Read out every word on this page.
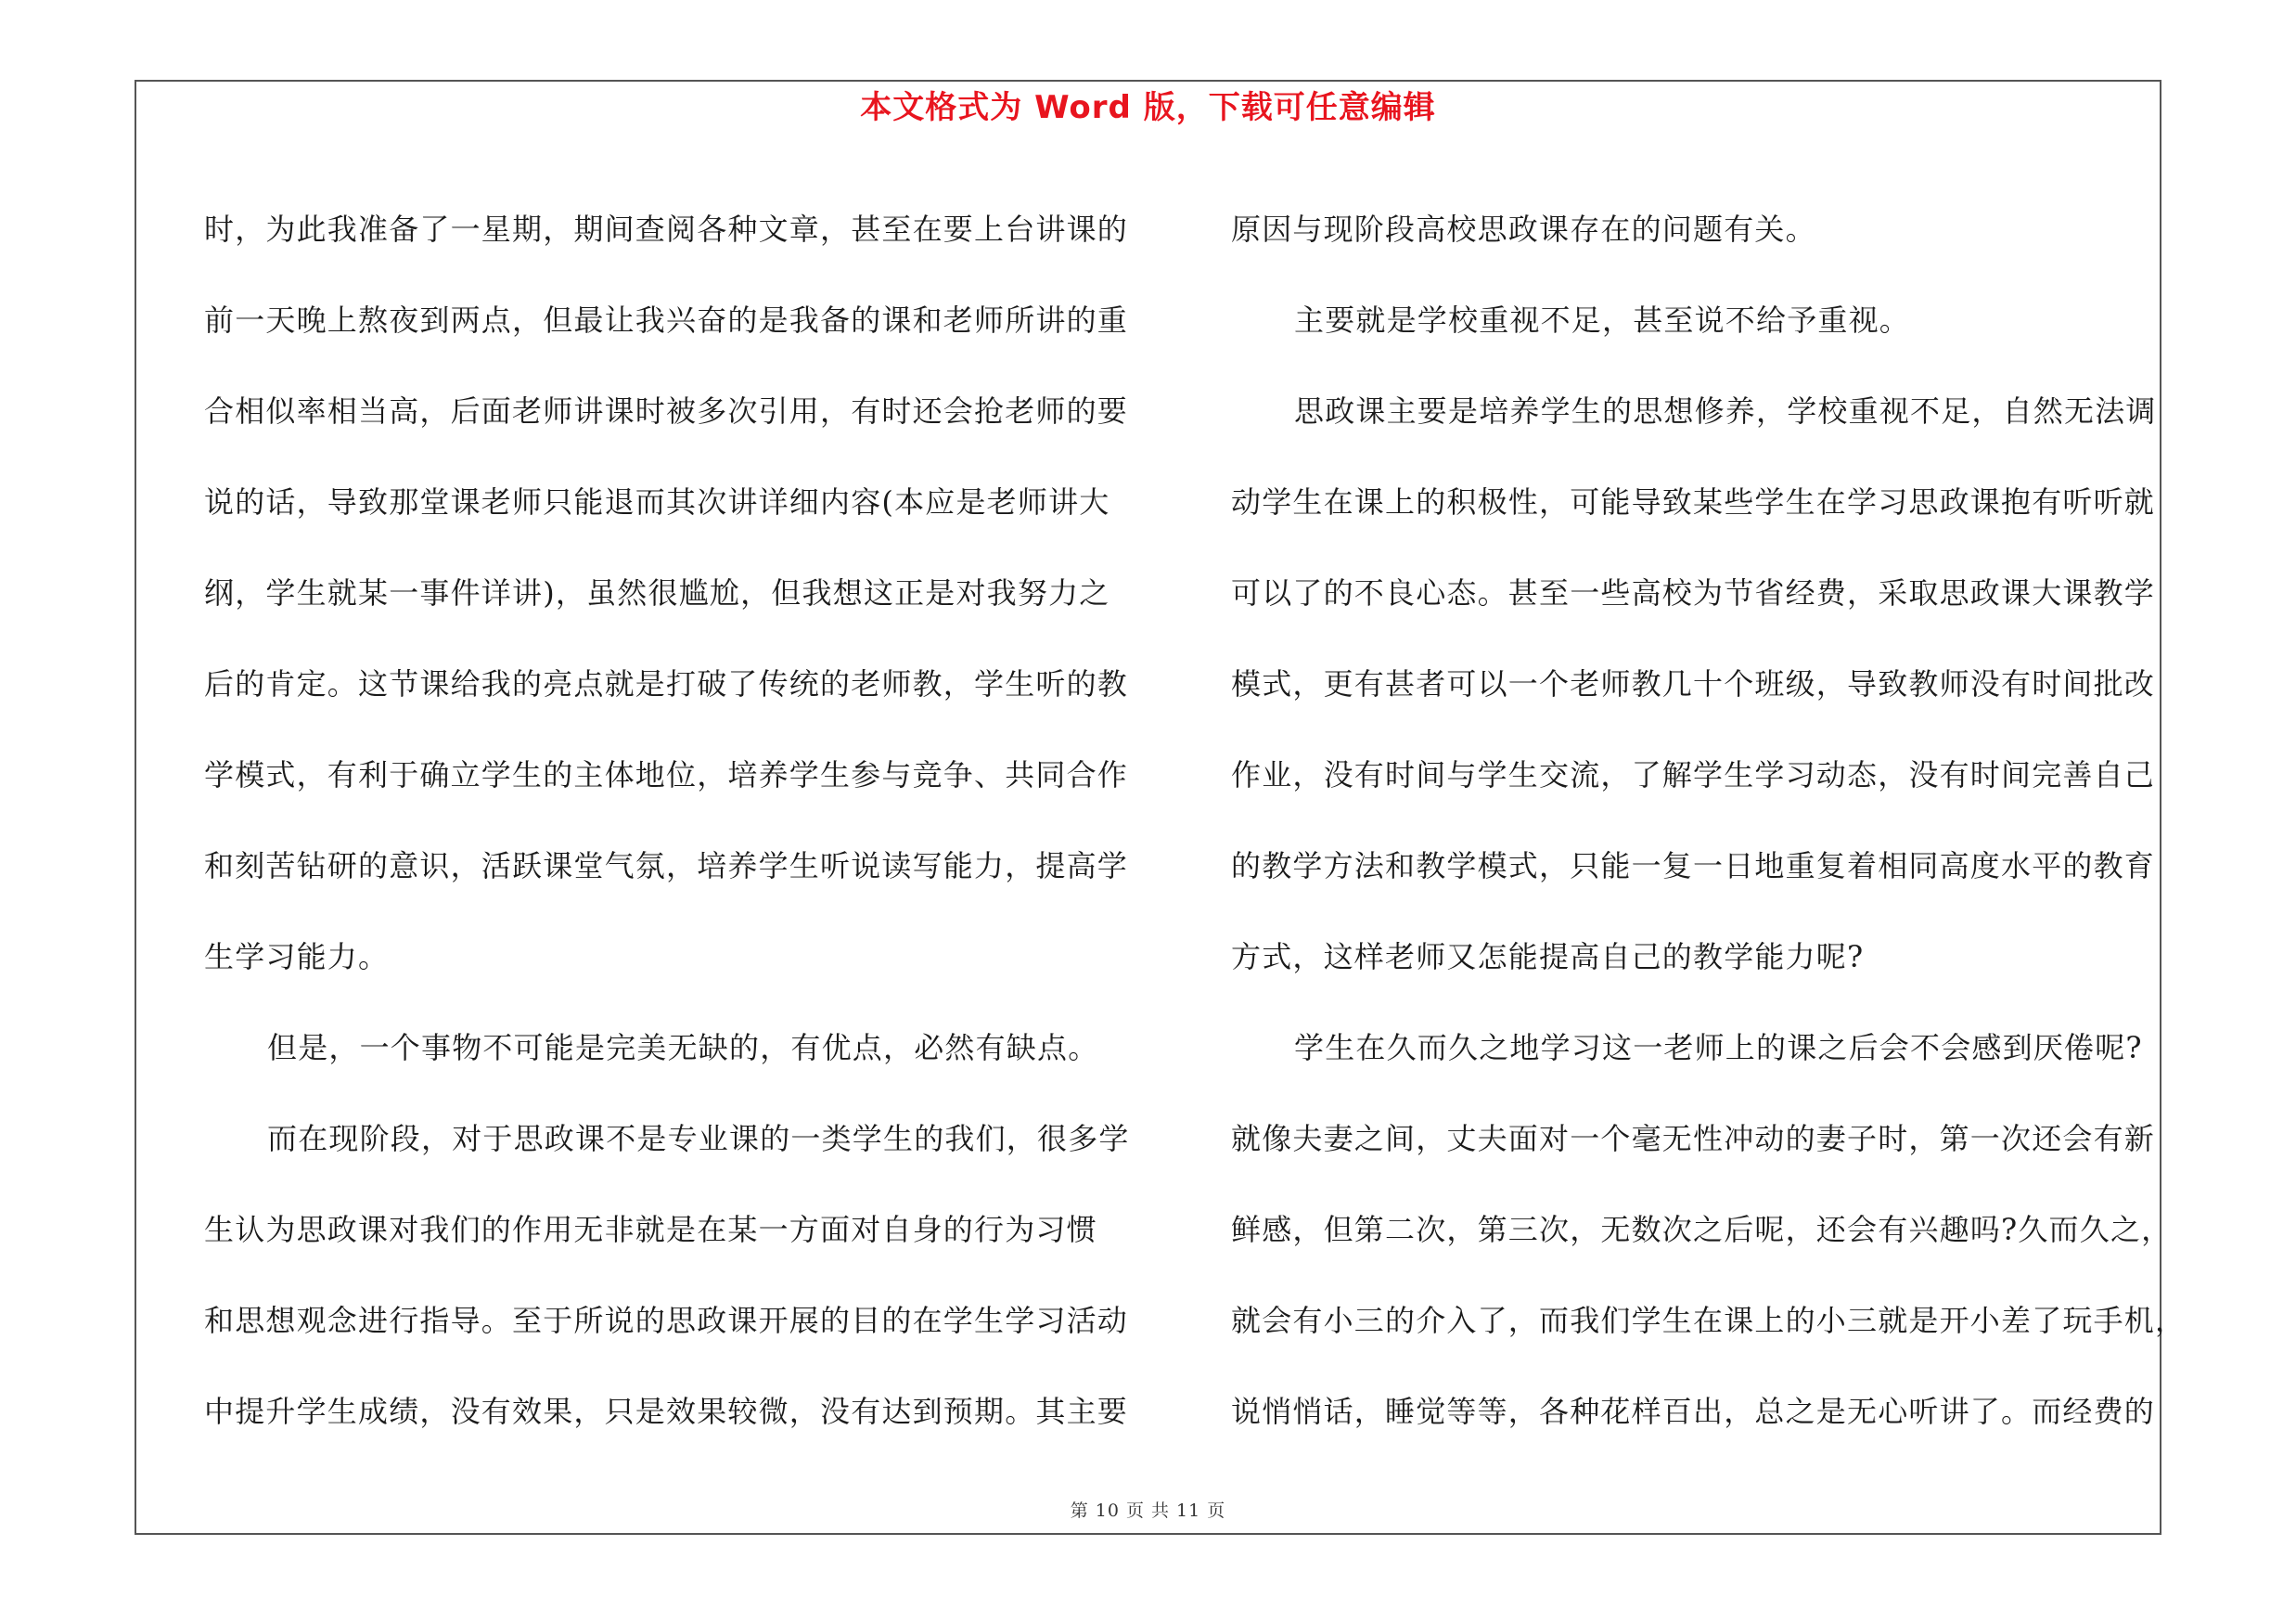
本文格式为 Word 版，下载可任意编辑
时，为此我准备了一星期，期间查阅各种文章，甚至在要上台讲课的
前一天晚上熬夜到两点，但最让我兴奋的是我备的课和老师所讲的重
合相似率相当高，后面老师讲课时被多次引用，有时还会抢老师的要
说的话，导致那堂课老师只能退而其次讲详细内容(本应是老师讲大
纲，学生就某一事件详讲)，虽然很尴尬，但我想这正是对我努力之
后的肯定。这节课给我的亮点就是打破了传统的老师教，学生听的教
学模式，有利于确立学生的主体地位，培养学生参与竞争、共同合作
和刻苦钻研的意识，活跃课堂气氛，培养学生听说读写能力，提高学
生学习能力。
但是，一个事物不可能是完美无缺的，有优点，必然有缺点。
而在现阶段，对于思政课不是专业课的一类学生的我们，很多学
生认为思政课对我们的作用无非就是在某一方面对自身的行为习惯
和思想观念进行指导。至于所说的思政课开展的目的在学生学习活动
中提升学生成绩，没有效果，只是效果较微，没有达到预期。其主要
原因与现阶段高校思政课存在的问题有关。
主要就是学校重视不足，甚至说不给予重视。
思政课主要是培养学生的思想修养，学校重视不足，自然无法调
动学生在课上的积极性，可能导致某些学生在学习思政课抱有听听就
可以了的不良心态。甚至一些高校为节省经费，采取思政课大课教学
模式，更有甚者可以一个老师教几十个班级，导致教师没有时间批改
作业，没有时间与学生交流，了解学生学习动态，没有时间完善自己
的教学方法和教学模式，只能一复一日地重复着相同高度水平的教育
方式，这样老师又怎能提高自己的教学能力呢?
学生在久而久之地学习这一老师上的课之后会不会感到厌倦呢?
就像夫妻之间，丈夫面对一个毫无性冲动的妻子时，第一次还会有新
鲜感，但第二次，第三次，无数次之后呢，还会有兴趣吗?久而久之，
就会有小三的介入了，而我们学生在课上的小三就是开小差了玩手机，
说悄悄话，睡觉等等，各种花样百出，总之是无心听讲了。而经费的
第 10 页 共 11 页
